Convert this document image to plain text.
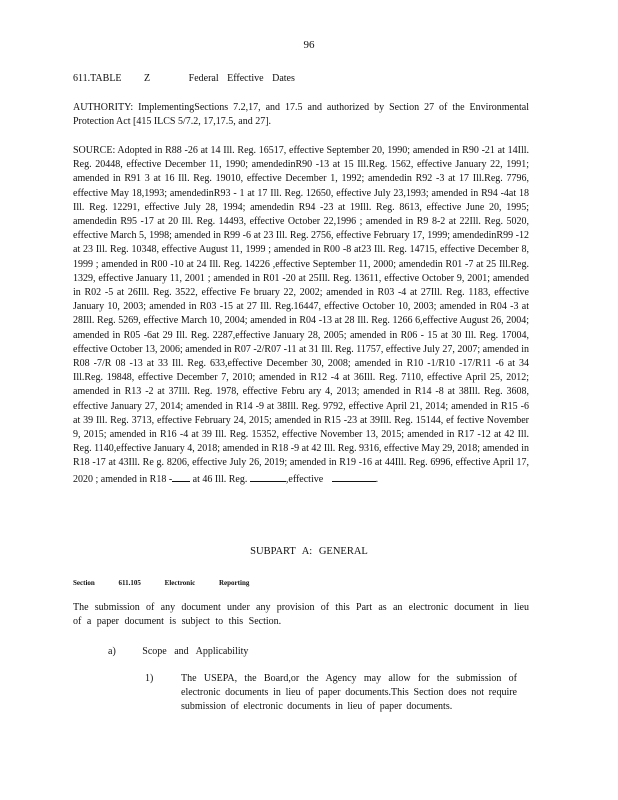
96
611.TABLE Z	Federal Effective Dates

AUTHORITY: ImplementingSections 7.2,17, and 17.5 and authorized by Section 27 of the Environmental Protection Act [415 ILCS 5/7.2, 17,17.5, and 27].

SOURCE: Adopted in R88 -26 at 14 Ill. Reg. 16517, effective September 20, 1990; amended in R90 -21 at 14Ill. Reg. 20448, effective December 11, 1990; amendedinR90 -13 at 15 Ill.Reg. 1562, effective January 22, 1991; amended in R91 3 at 16 Ill. Reg. 19010, effective December 1, 1992; amendedin R92 -3 at 17 Ill.Reg. 7796, effective May 18,1993; amendedinR93 - 1 at 17 Ill. Reg. 12650, effective July 23,1993; amended in R94 -4at 18 Ill. Reg. 12291, effective July 28, 1994; amendedin R94 -23 at 19Ill. Reg. 8613, effective June 20, 1995; amendedin R95 -17 at 20 Ill. Reg. 14493, effective October 22,1996 ; amended in R9 8-2 at 22Ill. Reg. 5020, effective March 5, 1998; amended in R99 -6 at 23 Ill. Reg. 2756, effective February 17, 1999; amendedinR99 -12 at 23 Ill. Reg. 10348, effective August 11, 1999 ; amended in R00 -8 at23 Ill. Reg. 14715, effective December 8, 1999 ; amended in R00 -10 at 24 Ill. Reg. 14226 ,effective September 11, 2000; amendedin R01 -7 at 25 Ill.Reg. 1329, effective January 11, 2001 ; amended in R01 -20 at 25Ill. Reg. 13611, effective October 9, 2001; amended in R02 -5 at 26Ill. Reg. 3522, effective Fe bruary 22, 2002; amended in R03 -4 at 27Ill. Reg. 1183, effective January 10, 2003; amended in R03 -15 at 27 Ill. Reg.16447, effective October 10, 2003; amended in R04 -3 at 28Ill. Reg. 5269, effective March 10, 2004; amended in R04 -13 at 28 Ill. Reg. 1266 6,effective August 26, 2004; amended in R05 -6at 29 Ill. Reg. 2287,effective January 28, 2005; amended in R06 - 15 at 30 Ill. Reg. 17004, effective October 13, 2006; amended in R07 -2/R07 -11 at 31 Ill. Reg. 11757, effective July 27, 2007; amended in R08 -7/R 08 -13 at 33 Ill. Reg. 633,effective December 30, 2008; amended in R10 -1/R10 -17/R11 -6 at 34 Ill.Reg. 19848, effective December 7, 2010; amended in R12 -4 at 36Ill. Reg. 7110, effective April 25, 2012; amended in R13 -2 at 37Ill. Reg. 1978, effective Febru ary 4, 2013; amended in R14 -8 at 38Ill. Reg. 3608, effective January 27, 2014; amended in R14 -9 at 38Ill. Reg. 9792, effective April 21, 2014; amended in R15 -6 at 39 Ill. Reg. 3713, effective February 24, 2015; amended in R15 -23 at 39Ill. Reg. 15144, ef fective November 9, 2015; amended in R16 -4 at 39 Ill. Reg. 15352, effective November 13, 2015; amended in R17 -12 at 42 Ill. Reg. 1140,effective January 4, 2018; amended in R18 -9 at 42 Ill. Reg. 9316, effective May 29, 2018; amended in R18 -17 at 43Ill. Re g. 8206, effective July 26, 2019; amended in R19 -16 at 44Ill. Reg. 6996, effective April 17, 2020 ; amended in R18 - at 46 Ill. Reg.	,effective	.

SUBPART A: GENERAL
Section	611.105	Electronic	Reporting

The submission of any document under any provision of this Part as an electronic document in lieu of a paper document is subject to this Section.

a)	Scope and Applicability
1)	The USEPA, the Board,or the Agency may allow for the submission of electronic documents in lieu of paper documents.This Section does not require submission of electronic documents in lieu of paper documents.
